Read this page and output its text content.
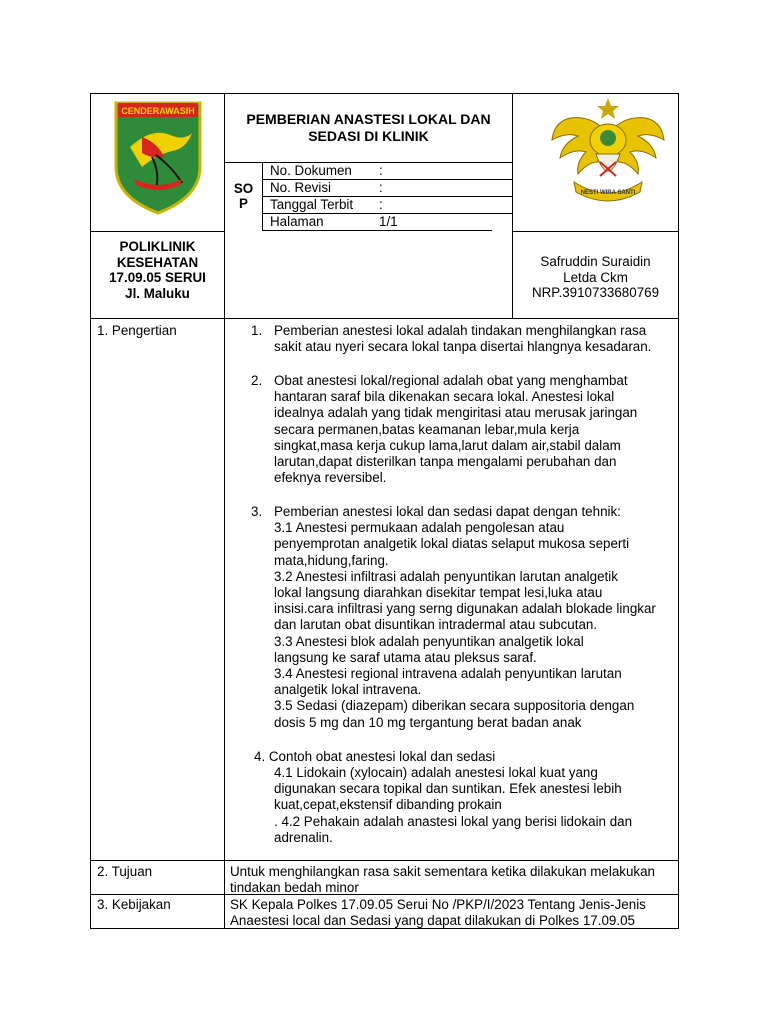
CENDERAWASIH
NESTI WIRA SANTI
PEMBERIAN ANASTESI LOKAL DAN
SEDASI DI KLINIK
SO
P
No. Dokumen :
No. Revisi	:
Tanggal Terbit :
Halaman	1/1
POLIKLINIK
KESEHATAN
17.09.05 SERUI
Jl. Maluku
Safruddin Suraidin
Letda Ckm
NRP.3910733680769
1. Pengertian
2. Tujuan
3. Kebijakan
1. Pemberian anestesi lokal adalah tindakan menghilangkan rasa
sakit atau nyeri secara lokal tanpa disertai hlangnya kesadaran.
2. Obat anestesi lokal/regional adalah obat yang menghambat
hantaran saraf bila dikenakan secara lokal. Anestesi lokal
idealnya adalah yang tidak mengiritasi atau merusak jaringan
secara permanen,batas keamanan lebar,mula kerja
singkat,masa kerja cukup lama,larut dalam air,stabil dalam
larutan,dapat disterilkan tanpa mengalami perubahan dan
efeknya reversibel.
3. Pemberian anestesi lokal dan sedasi dapat dengan tehnik:
3.1 Anestesi permukaan adalah pengolesan atau
penyemprotan analgetik lokal diatas selaput mukosa seperti
mata,hidung,faring.
3.2 Anestesi infiltrasi adalah penyuntikan larutan analgetik
lokal langsung diarahkan disekitar tempat lesi,luka atau
insisi.cara infiltrasi yang serng digunakan adalah blokade lingkar
dan larutan obat disuntikan intradermal atau subcutan.
3.3 Anestesi blok adalah penyuntikan analgetik lokal
langsung ke saraf utama atau pleksus saraf.
3.4 Anestesi regional intravena adalah penyuntikan larutan
analgetik lokal intravena.
3.5 Sedasi (diazepam) diberikan secara suppositoria dengan
dosis 5 mg dan 10 mg tergantung berat badan anak
4. Contoh obat anestesi lokal dan sedasi
4.1 Lidokain (xylocain) adalah anestesi lokal kuat yang
digunakan secara topikal dan suntikan. Efek anestesi lebih
kuat,cepat,ekstensif dibanding prokain
. 4.2 Pehakain adalah anastesi lokal yang berisi lidokain dan
adrenalin.
Untuk menghilangkan rasa sakit sementara ketika dilakukan melakukan
tindakan bedah minor
SK Kepala Polkes 17.09.05 Serui No /PKP/I/2023 Tentang Jenis-Jenis
Anaestesi local dan Sedasi yang dapat dilakukan di Polkes 17.09.05
